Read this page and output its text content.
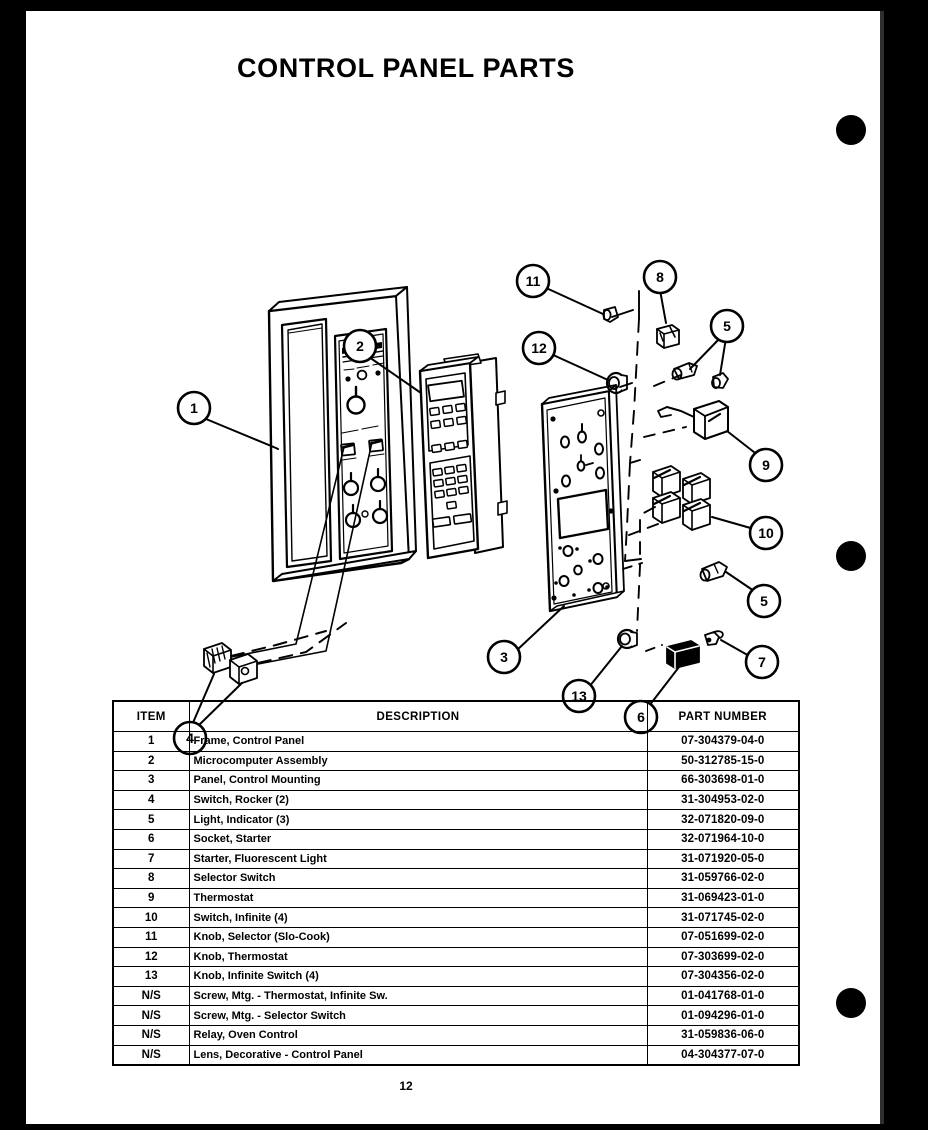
CONTROL PANEL PARTS
1
2
3
4
5
5
6
7
8
9
10
11
12
13
ITEM	DESCRIPTION	PART NUMBER
1	Frame, Control Panel	07-304379-04-0
2	Microcomputer Assembly	50-312785-15-0
3	Panel, Control Mounting	66-303698-01-0
4	Switch, Rocker (2)	31-304953-02-0
5	Light, Indicator (3)	32-071820-09-0
6	Socket, Starter	32-071964-10-0
7	Starter, Fluorescent Light	31-071920-05-0
8	Selector Switch	31-059766-02-0
9	Thermostat	31-069423-01-0
10	Switch, Infinite (4)	31-071745-02-0
11	Knob, Selector (Slo-Cook)	07-051699-02-0
12	Knob, Thermostat	07-303699-02-0
13	Knob, Infinite Switch (4)	07-304356-02-0
N/S	Screw, Mtg. - Thermostat, Infinite Sw.	01-041768-01-0
N/S	Screw, Mtg. - Selector Switch	01-094296-01-0
N/S	Relay, Oven Control	31-059836-06-0
N/S	Lens, Decorative - Control Panel	04-304377-07-0
12
